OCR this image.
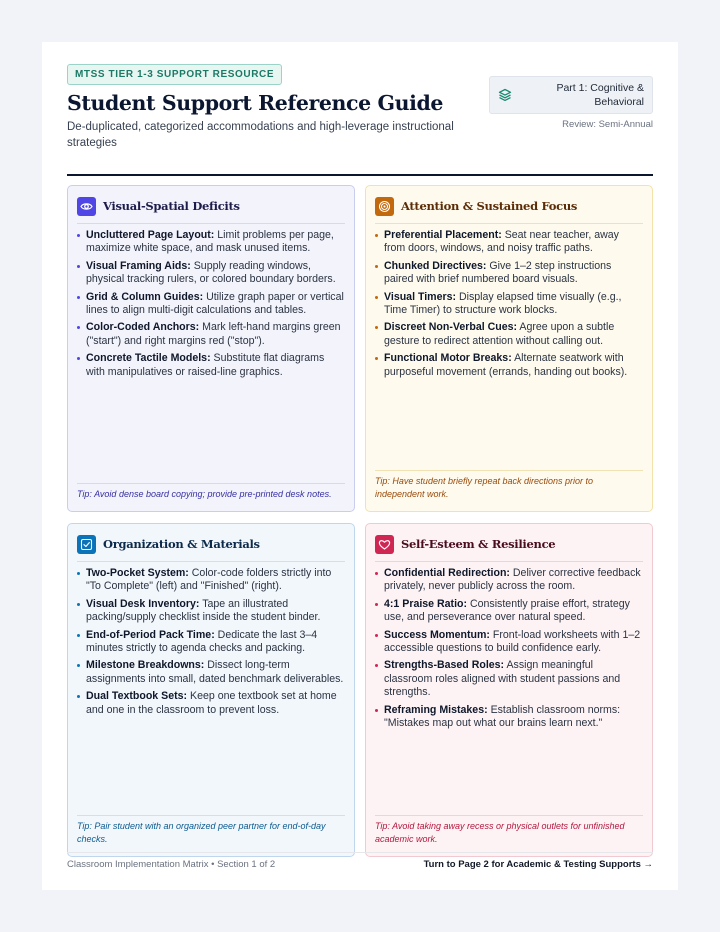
MTSS TIER 1-3 SUPPORT RESOURCE
Student Support Reference Guide

De-duplicated, categorized accommodations and high-leverage instructional strategies

Part 1: Cognitive & Behavioral
Review: Semi-Annual
Visual-Spatial Deficits
Uncluttered Page Layout: Limit problems per page, maximize white space, and mask unused items.
Visual Framing Aids: Supply reading windows, physical tracking rulers, or colored boundary borders.
Grid & Column Guides: Utilize graph paper or vertical lines to align multi-digit calculations and tables.
Color-Coded Anchors: Mark left-hand margins green ("start") and right margins red ("stop").
Concrete Tactile Models: Substitute flat diagrams with manipulatives or raised-line graphics.

Tip: Avoid dense board copying; provide pre-printed desk notes.

Attention & Sustained Focus
Preferential Placement: Seat near teacher, away from doors, windows, and noisy traffic paths.
Chunked Directives: Give 1–2 step instructions paired with brief numbered board visuals.
Visual Timers: Display elapsed time visually (e.g., Time Timer) to structure work blocks.
Discreet Non-Verbal Cues: Agree upon a subtle gesture to redirect attention without calling out.
Functional Motor Breaks: Alternate seatwork with purposeful movement (errands, handing out books).

Tip: Have student briefly repeat back directions prior to independent work.

Organization & Materials
Two-Pocket System: Color-code folders strictly into "To Complete" (left) and "Finished" (right).
Visual Desk Inventory: Tape an illustrated packing/supply checklist inside the student binder.
End-of-Period Pack Time: Dedicate the last 3–4 minutes strictly to agenda checks and packing.
Milestone Breakdowns: Dissect long-term assignments into small, dated benchmark deliverables.
Dual Textbook Sets: Keep one textbook set at home and one in the classroom to prevent loss.

Tip: Pair student with an organized peer partner for end-of-day checks.

Self-Esteem & Resilience
Confidential Redirection: Deliver corrective feedback privately, never publicly across the room.
4:1 Praise Ratio: Consistently praise effort, strategy use, and perseverance over natural speed.
Success Momentum: Front-load worksheets with 1–2 accessible questions to build confidence early.
Strengths-Based Roles: Assign meaningful classroom roles aligned with student passions and strengths.
Reframing Mistakes: Establish classroom norms: "Mistakes map out what our brains learn next."

Tip: Avoid taking away recess or physical outlets for unfinished academic work.

Classroom Implementation Matrix • Section 1 of 2	Turn to Page 2 for Academic & Testing Supports →
